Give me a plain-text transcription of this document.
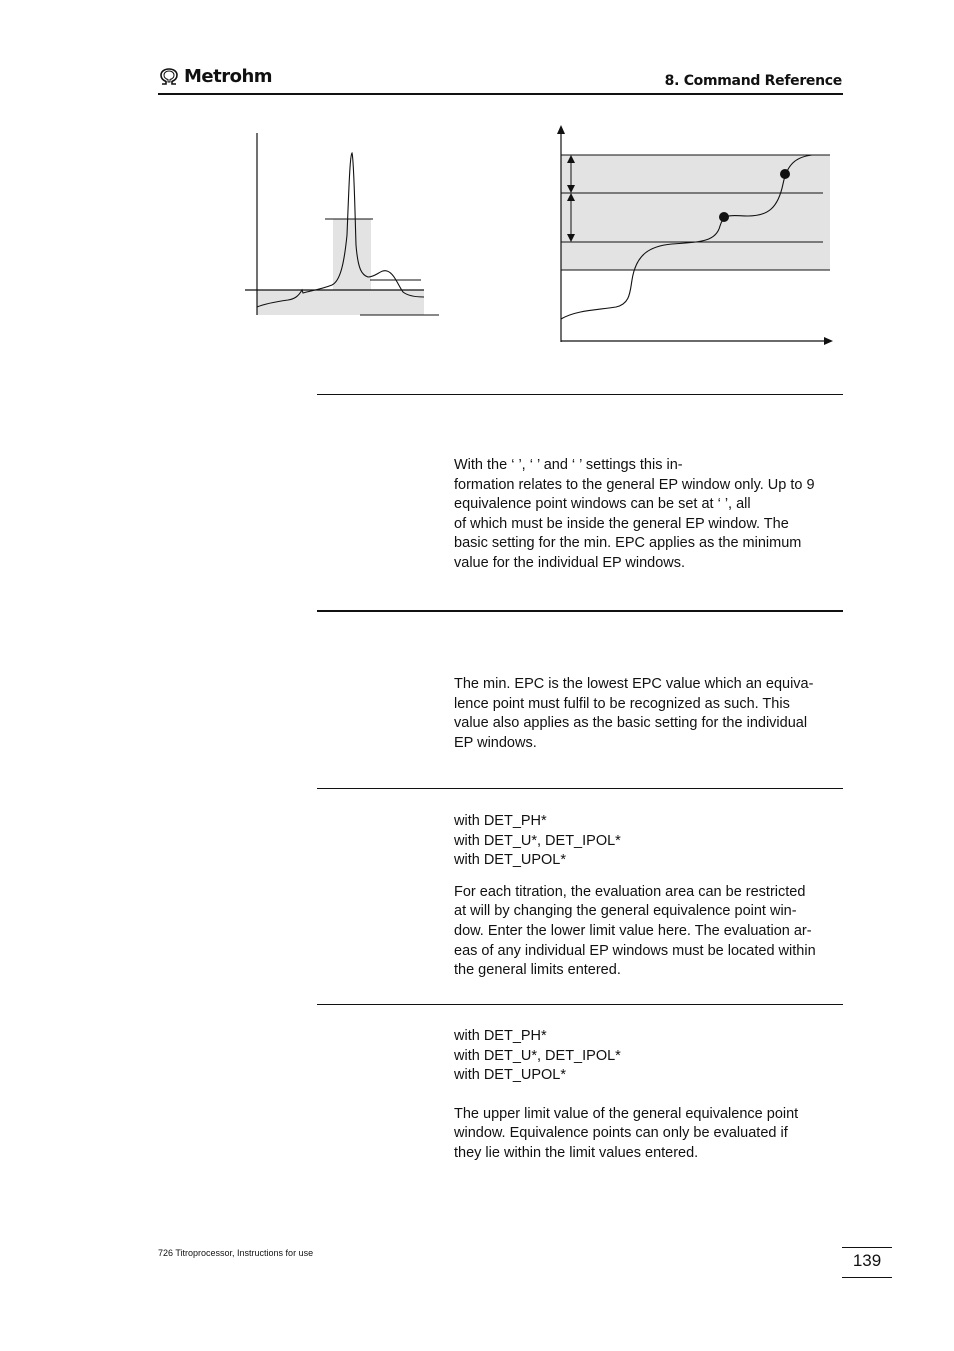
Metrohm	8. Command Reference

With the ‘ ’, ‘ ’ and ‘ ’ settings this in-

formation relates to the general EP window only. Up to 9

equivalence point windows can be set at ‘ ’, all

of which must be inside the general EP window. The

basic setting for the min. EPC applies as the minimum

value for the individual EP windows.

The min. EPC is the lowest EPC value which an equiva-

lence point must fulfil to be recognized as such. This

value also applies as the basic setting for the individual

EP windows.

with DET_PH*

with DET_U*, DET_IPOL*

with DET_UPOL*

For each titration, the evaluation area can be restricted

at will by changing the general equivalence point win-

dow. Enter the lower limit value here. The evaluation ar-

eas of any individual EP windows must be located within

the general limits entered.

with DET_PH*

with DET_U*, DET_IPOL*

with DET_UPOL*

The upper limit value of the general equivalence point

window. Equivalence points can only be evaluated if

they lie within the limit values entered.

726 Titroprocessor, Instructions for use	139
